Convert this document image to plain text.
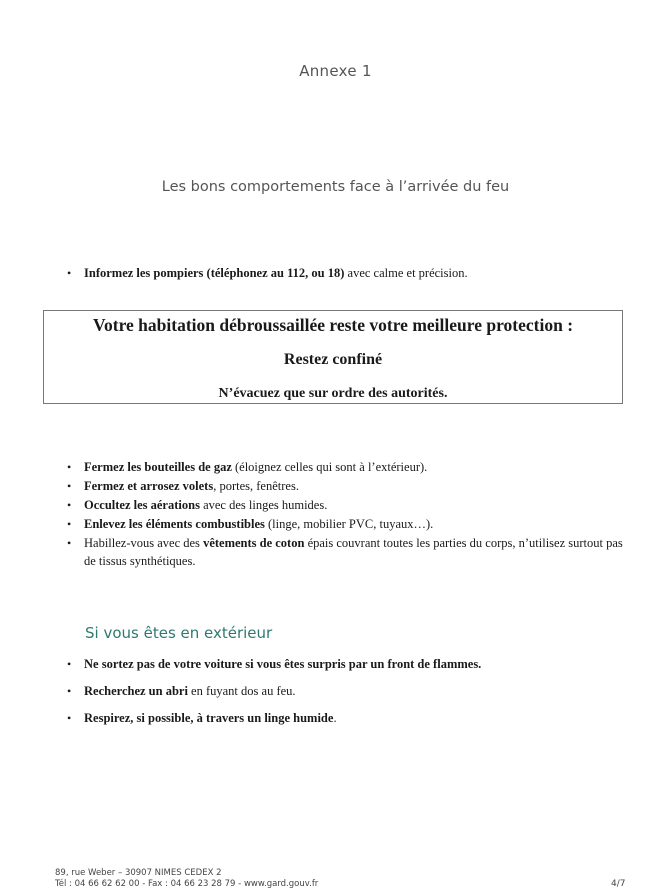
Annexe 1
Les bons comportements face à l’arrivée du feu
• Informez les pompiers (téléphonez au 112, ou 18) avec calme et précision.
Votre habitation débroussaillée reste votre meilleure protection :
Restez confiné
N’évacuez que sur ordre des autorités.
• Fermez les bouteilles de gaz (éloignez celles qui sont à l’extérieur).
• Fermez et arrosez volets, portes, fenêtres.
• Occultez les aérations avec des linges humides.
• Enlevez les éléments combustibles (linge, mobilier PVC, tuyaux…).
• Habillez-vous avec des vêtements de coton épais couvrant toutes les parties du corps, n’utilisez surtout pas de tissus synthétiques.
Si vous êtes en extérieur
• Ne sortez pas de votre voiture si vous êtes surpris par un front de flammes.
• Recherchez un abri en fuyant dos au feu.
• Respirez, si possible, à travers un linge humide.
89, rue Weber – 30907 NIMES CEDEX 2
Tél : 04 66 62 62 00 - Fax : 04 66 23 28 79 - www.gard.gouv.fr	4/7
